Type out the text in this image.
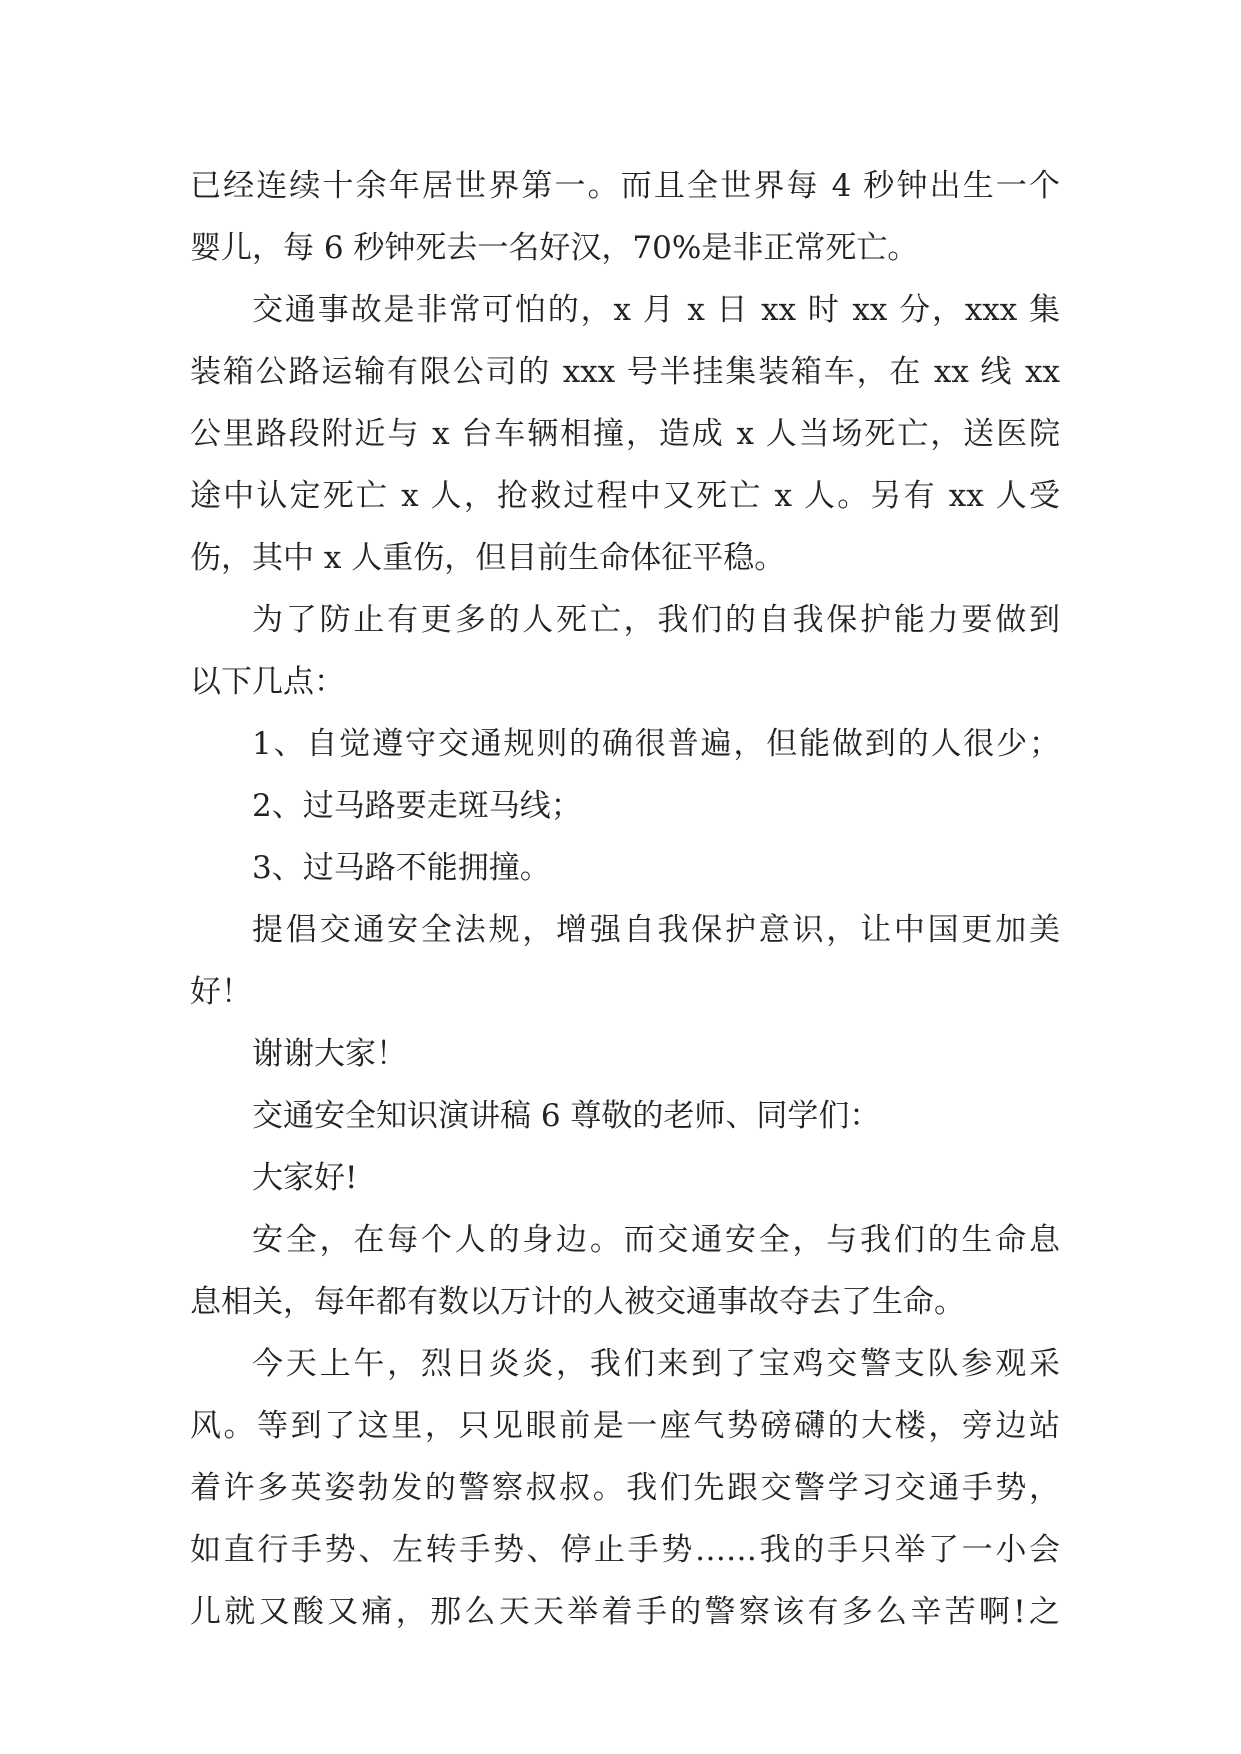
已经连续十余年居世界第一。而且全世界每 4 秒钟出生一个
婴儿，每 6 秒钟死去一名好汉，70%是非正常死亡。
交通事故是非常可怕的，x 月 x 日 xx 时 xx 分，xxx 集
装箱公路运输有限公司的 xxx 号半挂集装箱车，在 xx 线 xx
公里路段附近与 x 台车辆相撞，造成 x 人当场死亡，送医院
途中认定死亡 x 人，抢救过程中又死亡 x 人。另有 xx 人受
伤，其中 x 人重伤，但目前生命体征平稳。
为了防止有更多的人死亡，我们的自我保护能力要做到
以下几点：
1、自觉遵守交通规则的确很普遍，但能做到的人很少；
2、过马路要走斑马线；
3、过马路不能拥撞。
提倡交通安全法规，增强自我保护意识，让中国更加美
好！
谢谢大家！
交通安全知识演讲稿 6 尊敬的老师、同学们：
大家好!
安全，在每个人的身边。而交通安全，与我们的生命息
息相关，每年都有数以万计的人被交通事故夺去了生命。
今天上午，烈日炎炎，我们来到了宝鸡交警支队参观采
风。等到了这里，只见眼前是一座气势磅礴的大楼，旁边站
着许多英姿勃发的警察叔叔。我们先跟交警学习交通手势，
如直行手势、左转手势、停止手势……我的手只举了一小会
儿就又酸又痛，那么天天举着手的警察该有多么辛苦啊!之
